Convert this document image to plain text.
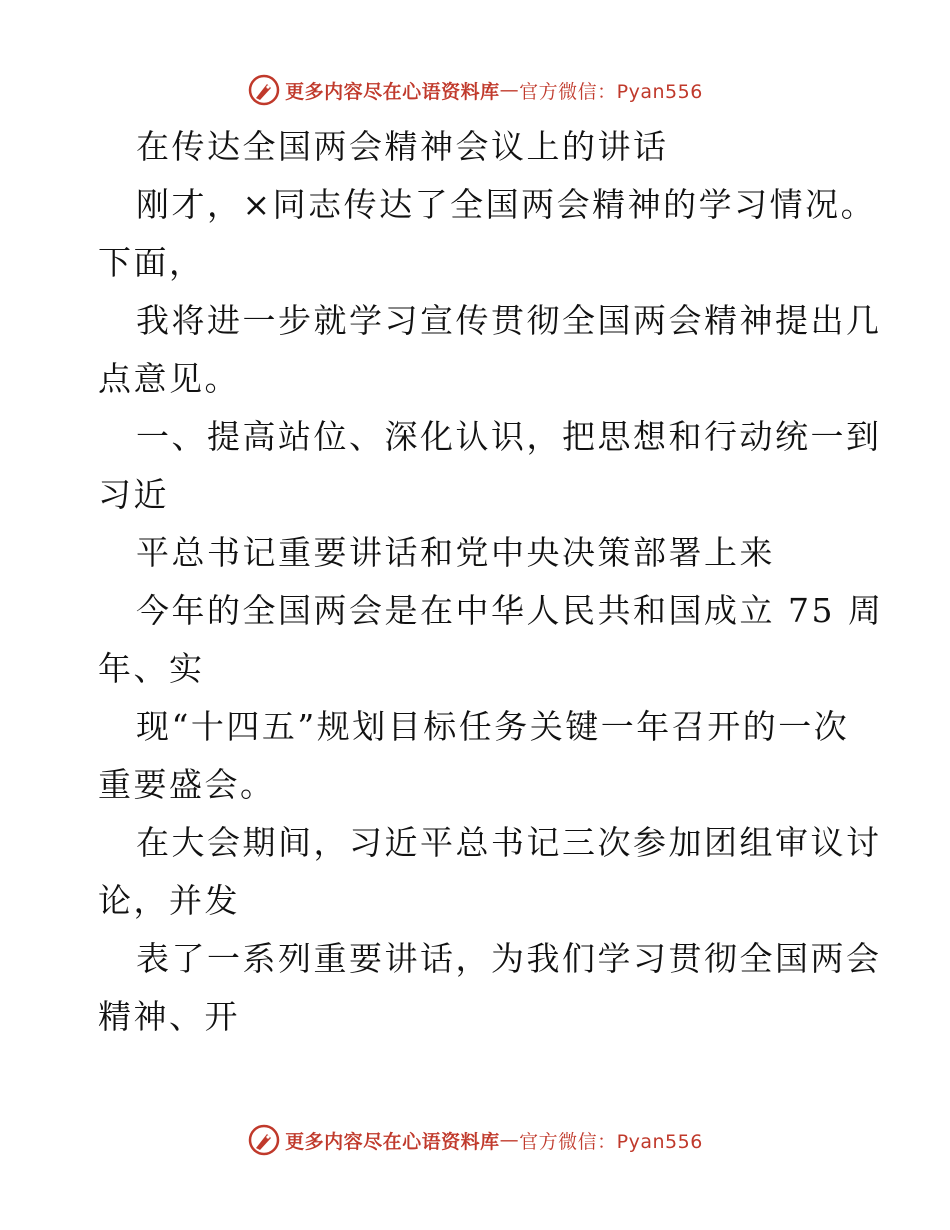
更多内容尽在心语资料库 — 官方微信：Pyan556
在传达全国两会精神会议上的讲话
刚才，×同志传达了全国两会精神的学习情况。
下面，
我将进一步就学习宣传贯彻全国两会精神提出几
点意见。
一、提高站位、深化认识，把思想和行动统一到
习近
平总书记重要讲话和党中央决策部署上来
今年的全国两会是在中华人民共和国成立 75 周
年、实
现“十四五”规划目标任务关键一年召开的一次
重要盛会。
在大会期间，习近平总书记三次参加团组审议讨
论，并发
表了一系列重要讲话，为我们学习贯彻全国两会
精神、开
更多内容尽在心语资料库 — 官方微信：Pyan556
